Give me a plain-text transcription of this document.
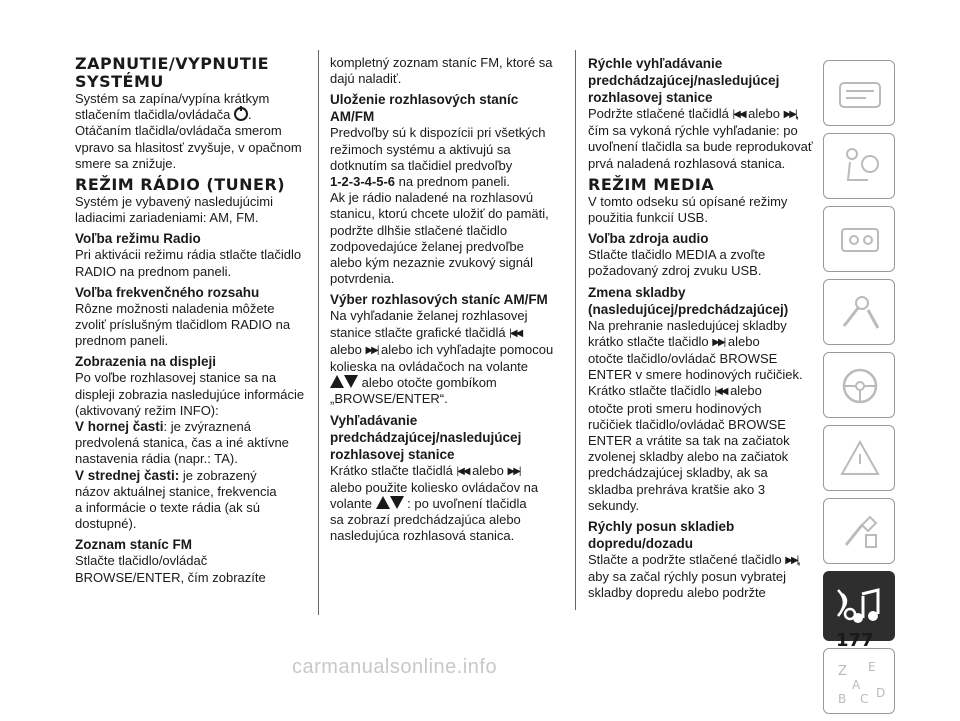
ZAPNUTIE/VYPNUTIE
SYSTÉMU

Systém sa zapína/vypína krátkym
stlačením tlačidla/ovládača .
Otáčaním tlačidla/ovládača smerom
vpravo sa hlasitosť zvyšuje, v opačnom
smere sa znižuje.

REŽIM RÁDIO (TUNER)

Systém je vybavený nasledujúcimi
ladiacimi zariadeniami: AM, FM.

Voľba režimu Radio

Pri aktivácii režimu rádia stlačte tlačidlo
RADIO na prednom paneli.

Voľba frekvenčného rozsahu

Rôzne možnosti naladenia môžete
zvoliť príslušným tlačidlom RADIO na
prednom paneli.

Zobrazenia na displeji

Po voľbe rozhlasovej stanice sa na
displeji zobrazia nasledujúce informácie
(aktivovaný režim INFO):
V hornej časti: je zvýraznená
predvolená stanica, čas a iné aktívne
nastavenia rádia (napr.: TA).
V strednej časti: je zobrazený
názov aktuálnej stanice, frekvencia
a informácie o texte rádia (ak sú
dostupné).

Zoznam staníc FM

Stlačte tlačidlo/ovládač
BROWSE/ENTER, čím zobrazíte

kompletný zoznam staníc FM, ktoré sa
dajú naladiť.

Uloženie rozhlasových staníc
AM/FM

Predvoľby sú k dispozícii pri všetkých
režimoch systému a aktivujú sa
dotknutím sa tlačidiel predvoľby
1-2-3-4-5-6 na prednom paneli.
Ak je rádio naladené na rozhlasovú
stanicu, ktorú chcete uložiť do pamäti,
podržte dlhšie stlačené tlačidlo
zodpovedajúce želanej predvoľbe
alebo kým nezaznie zvukový signál
potvrdenia.

Výber rozhlasových staníc AM/FM

Na vyhľadanie želanej rozhlasovej
stanice stlačte grafické tlačidlá |◀◀
alebo ▶▶| alebo ich vyhľadajte pomocou
kolieska na ovládačoch na volante
alebo otočte gombíkom
„BROWSE/ENTER“.

Vyhľadávanie
predchádzajúcej/nasledujúcej
rozhlasovej stanice

Krátko stlačte tlačidlá |◀◀ alebo ▶▶|
alebo použite koliesko ovládačov na
volante  : po uvoľnení tlačidla
sa zobrazí predchádzajúca alebo
nasledujúca rozhlasová stanica.

Rýchle vyhľadávanie
predchádzajúcej/nasledujúcej
rozhlasovej stanice

Podržte stlačené tlačidlá |◀◀ alebo ▶▶|,
čím sa vykoná rýchle vyhľadanie: po
uvoľnení tlačidla sa bude reprodukovať
prvá naladená rozhlasová stanica.

REŽIM MEDIA

V tomto odseku sú opísané režimy
použitia funkcií USB.

Voľba zdroja audio

Stlačte tlačidlo MEDIA a zvoľte
požadovaný zdroj zvuku USB.

Zmena skladby
(nasledujúcej/predchádzajúcej)

Na prehranie nasledujúcej skladby
krátko stlačte tlačidlo ▶▶| alebo
otočte tlačidlo/ovládač BROWSE
ENTER v smere hodinových ručičiek.
Krátko stlačte tlačidlo |◀◀ alebo
otočte proti smeru hodinových
ručičiek tlačidlo/ovládač BROWSE
ENTER a vrátite sa tak na začiatok
zvolenej skladby alebo na začiatok
predchádzajúcej skladby, ak sa
skladba prehráva kratšie ako 3
sekundy.

Rýchly posun skladieb
dopredu/dozadu

Stlačte a podržte stlačené tlačidlo ▶▶|,
aby sa začal rýchly posun vybratej
skladby dopredu alebo podržte

Z E
A
B C D
177
carmanualsonline.info
